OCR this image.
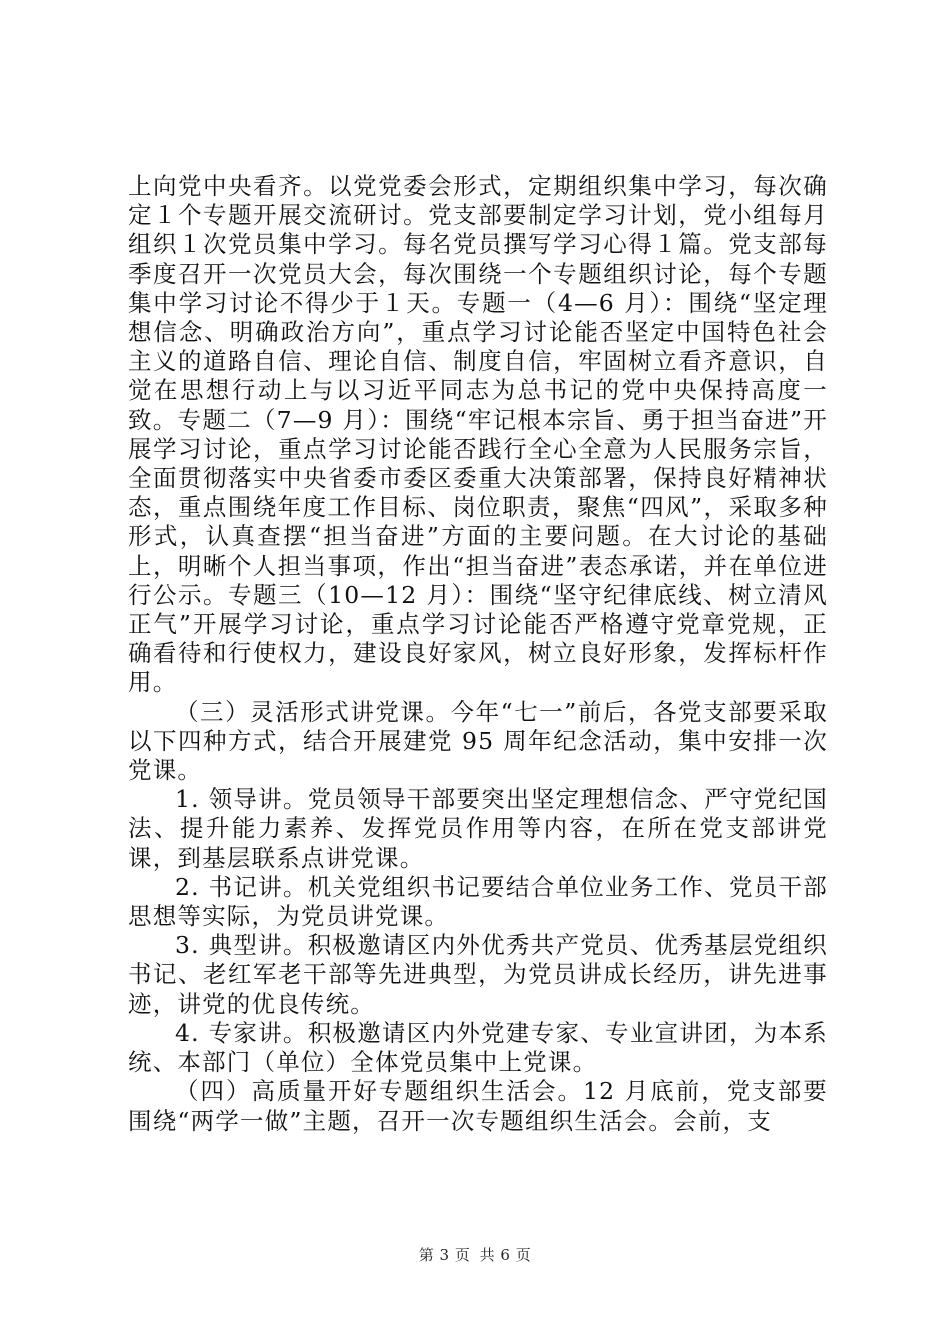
上向党中央看齐。以党党委会形式，定期组织集中学习，每次确定１个专题开展交流研讨。党支部要制定学习计划，党小组每月组织１次党员集中学习。每名党员撰写学习心得１篇。党支部每季度召开一次党员大会，每次围绕一个专题组织讨论，每个专题集中学习讨论不得少于１天。专题一（4—6 月）：围绕“坚定理想信念、明确政治方向”，重点学习讨论能否坚定中国特色社会主义的道路自信、理论自信、制度自信，牢固树立看齐意识，自觉在思想行动上与以习近平同志为总书记的党中央保持高度一致。专题二（7—9 月）：围绕“牢记根本宗旨、勇于担当奋进”开展学习讨论，重点学习讨论能否践行全心全意为人民服务宗旨，全面贯彻落实中央省委市委区委重大决策部署，保持良好精神状态，重点围绕年度工作目标、岗位职责，聚焦“四风”，采取多种形式，认真查摆“担当奋进”方面的主要问题。在大讨论的基础上，明晰个人担当事项，作出“担当奋进”表态承诺，并在单位进行公示。专题三（10—12 月）：围绕“坚守纪律底线、树立清风正气”开展学习讨论，重点学习讨论能否严格遵守党章党规，正确看待和行使权力，建设良好家风，树立良好形象，发挥标杆作用。

（三）灵活形式讲党课。今年“七一”前后，各党支部要采取以下四种方式，结合开展建党 95 周年纪念活动，集中安排一次党课。

1. 领导讲。党员领导干部要突出坚定理想信念、严守党纪国法、提升能力素养、发挥党员作用等内容，在所在党支部讲党课，到基层联系点讲党课。

2. 书记讲。机关党组织书记要结合单位业务工作、党员干部思想等实际，为党员讲党课。

3. 典型讲。积极邀请区内外优秀共产党员、优秀基层党组织书记、老红军老干部等先进典型，为党员讲成长经历，讲先进事迹，讲党的优良传统。

4. 专家讲。积极邀请区内外党建专家、专业宣讲团，为本系统、本部门（单位）全体党员集中上党课。

（四）高质量开好专题组织生活会。12 月底前，党支部要围绕“两学一做”主题，召开一次专题组织生活会。会前，支

第 3 页 共 6 页
